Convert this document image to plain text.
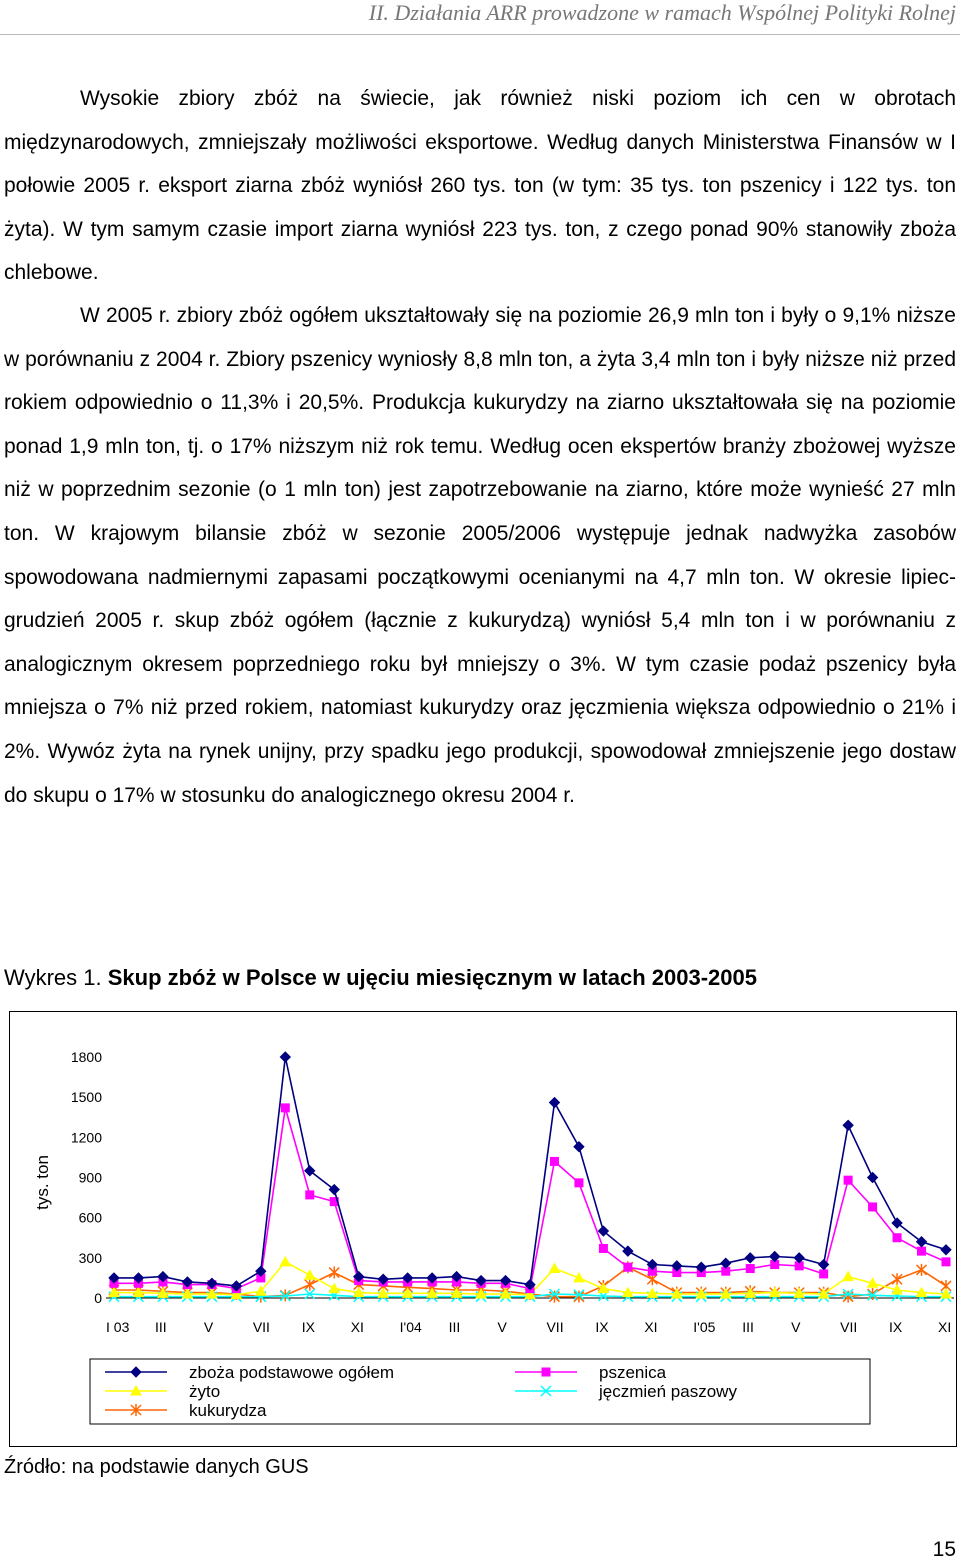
II. Działania ARR prowadzone w ramach Wspólnej Polityki Rolnej

Wysokie zbiory zbóż na świecie, jak również niski poziom ich cen w obrotach międzynarodowych, zmniejszały możliwości eksportowe. Według danych Ministerstwa Finansów w I połowie 2005 r. eksport ziarna zbóż wyniósł 260 tys. ton (w tym: 35 tys. ton pszenicy i 122 tys. ton żyta). W tym samym czasie import ziarna wyniósł 223 tys. ton, z czego ponad 90% stanowiły zboża chlebowe.

W 2005 r. zbiory zbóż ogółem ukształtowały się na poziomie 26,9 mln ton i były o 9,1% niższe w porównaniu z 2004 r. Zbiory pszenicy wyniosły 8,8 mln ton, a żyta 3,4 mln ton i były niższe niż przed rokiem odpowiednio o 11,3% i 20,5%. Produkcja kukurydzy na ziarno ukształtowała się na poziomie ponad 1,9 mln ton, tj. o 17% niższym niż rok temu. Według ocen ekspertów branży zbożowej wyższe niż w poprzednim sezonie (o 1 mln ton) jest zapotrzebowanie na ziarno, które może wynieść 27 mln ton. W krajowym bilansie zbóż w sezonie 2005/2006 występuje jednak nadwyżka zasobów spowodowana nadmiernymi zapasami początkowymi ocenianymi na 4,7 mln ton. W okresie lipiec-grudzień 2005 r. skup zbóż ogółem (łącznie z kukurydzą) wyniósł 5,4 mln ton i w porównaniu z analogicznym okresem poprzedniego roku był mniejszy o 3%. W tym czasie podaż pszenicy była mniejsza o 7% niż przed rokiem, natomiast kukurydzy oraz jęczmienia większa odpowiednio o 21% i 2%. Wywóz żyta na rynek unijny, przy spadku jego produkcji, spowodował zmniejszenie jego dostaw do skupu o 17% w stosunku do analogicznego okresu 2004 r.

Wykres 1. Skup zbóż w Polsce w ujęciu miesięcznym w latach 2003-2005
0
300
600
900
1200
1500
1800
tys. ton
I 03 III	V	VII IX	XI	I'04 III	V	VII IX	XI	I'05 III	V	VII IX	XI
zboża podstawowe ogółem	pszenica
żyto	jęczmień paszowy
kukurydza
Źródło: na podstawie danych GUS
15
